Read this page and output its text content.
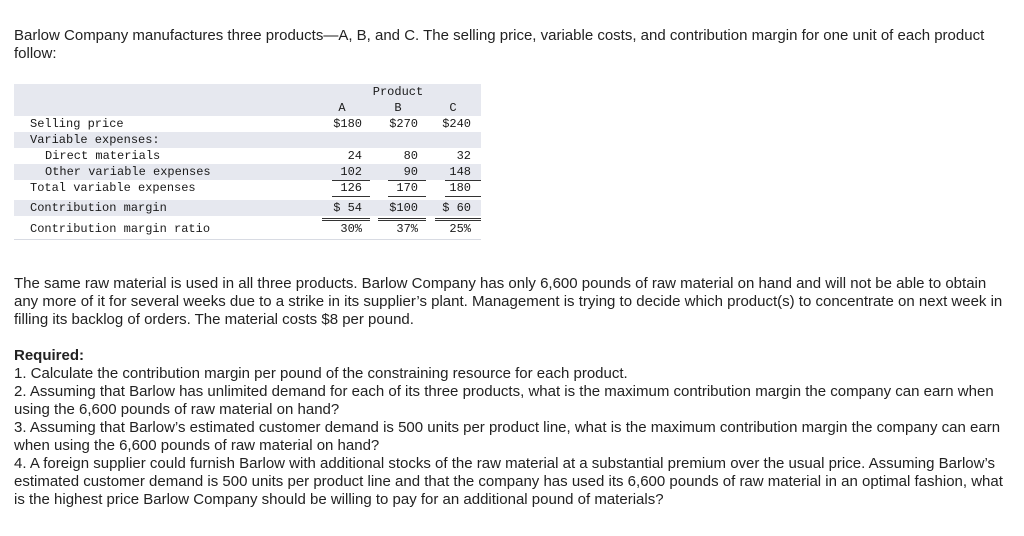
Barlow Company manufactures three products—A, B, and C. The selling price, variable costs, and contribution margin for one unit of each product follow:

Product
A	B	C
Selling price	$180	$270	$240
Variable expenses:
Direct materials	24	80	32
Other variable expenses	102	90	148
Total variable expenses	126	170	180
Contribution margin	$ 54	$100	$ 60
Contribution margin ratio	30%	37%	25%

The same raw material is used in all three products. Barlow Company has only 6,600 pounds of raw material on hand and will not be able to obtain any more of it for several weeks due to a strike in its supplier’s plant. Management is trying to decide which product(s) to concentrate on next week in filling its backlog of orders. The material costs $8 per pound.

Required:

1. Calculate the contribution margin per pound of the constraining resource for each product.

2. Assuming that Barlow has unlimited demand for each of its three products, what is the maximum contribution margin the company can earn when using the 6,600 pounds of raw material on hand?

3. Assuming that Barlow’s estimated customer demand is 500 units per product line, what is the maximum contribution margin the company can earn when using the 6,600 pounds of raw material on hand?

4. A foreign supplier could furnish Barlow with additional stocks of the raw material at a substantial premium over the usual price. Assuming Barlow’s estimated customer demand is 500 units per product line and that the company has used its 6,600 pounds of raw material in an optimal fashion, what is the highest price Barlow Company should be willing to pay for an additional pound of materials?
